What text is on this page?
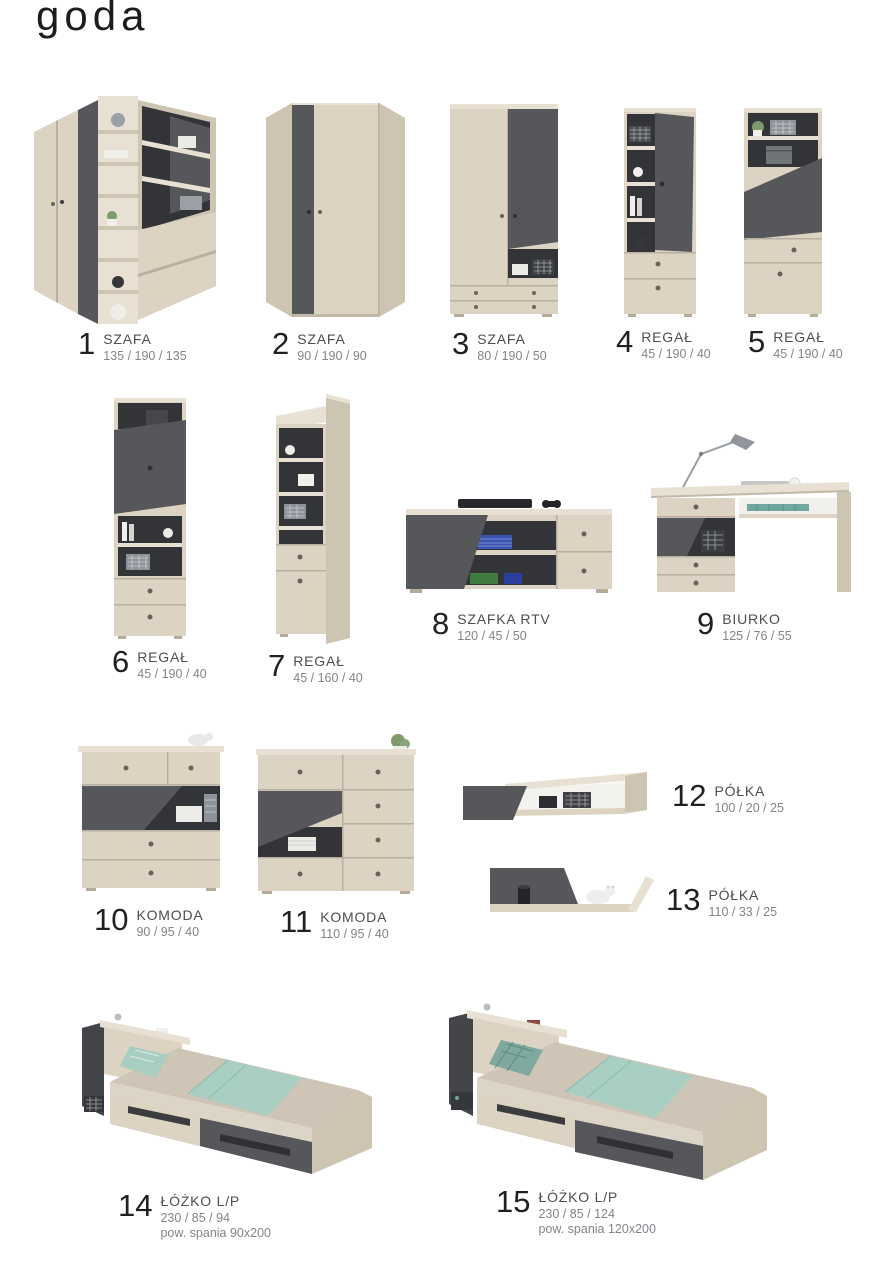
goda
1 SZAFA
135 / 190 / 135	2 SZAFA
90 / 190 / 90	3 SZAFA
80 / 190 / 50 4 REGAŁ
45 / 190 / 40 5 REGAŁ
45 / 190 / 40
6 REGAŁ
45 / 190 / 40 7 REGAŁ
45 / 160 / 40
8 SZAFKA RTV
120 / 45 / 50	9 BIURKO
125 / 76 / 55
10 KOMODA
90 / 95 / 40	11 KOMODA
110 / 95 / 40
12 PÓŁKA
100 / 20 / 25
13 PÓŁKA
110 / 33 / 25
14 ŁÓŻKO L/P
230 / 85 / 94
pow. spania 90x200
15 ŁÓŻKO L/P
230 / 85 / 124
pow. spania 120x200
